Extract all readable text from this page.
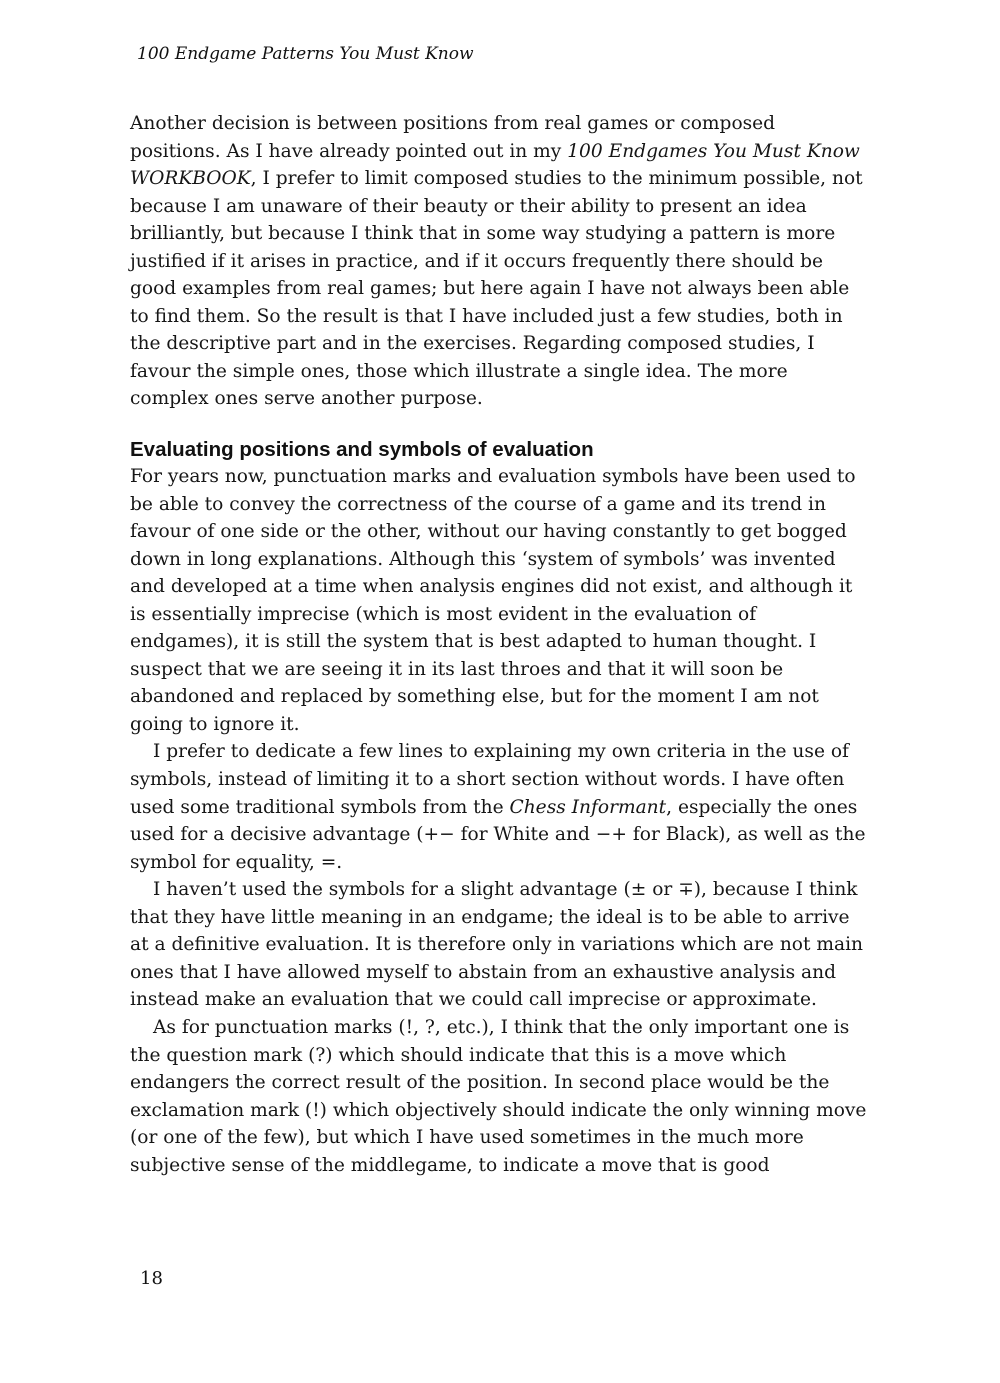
100 Endgame Patterns You Must Know

Another decision is between positions from real games or composed positions. As I have already pointed out in my 100 Endgames You Must Know WORKBOOK, I prefer to limit composed studies to the minimum possible, not because I am unaware of their beauty or their ability to present an idea brilliantly, but because I think that in some way studying a pattern is more justified if it arises in practice, and if it occurs frequently there should be good examples from real games; but here again I have not always been able to find them. So the result is that I have included just a few studies, both in the descriptive part and in the exercises. Regarding composed studies, I favour the simple ones, those which illustrate a single idea. The more complex ones serve another purpose.

Evaluating positions and symbols of evaluation

For years now, punctuation marks and evaluation symbols have been used to be able to convey the correctness of the course of a game and its trend in favour of one side or the other, without our having constantly to get bogged down in long explanations. Although this ‘system of symbols’ was invented and developed at a time when analysis engines did not exist, and although it is essentially imprecise (which is most evident in the evaluation of endgames), it is still the system that is best adapted to human thought. I suspect that we are seeing it in its last throes and that it will soon be abandoned and replaced by something else, but for the moment I am not going to ignore it.

I prefer to dedicate a few lines to explaining my own criteria in the use of symbols, instead of limiting it to a short section without words. I have often used some traditional symbols from the Chess Informant, especially the ones used for a decisive advantage (+− for White and −+ for Black), as well as the symbol for equality, =.

I haven’t used the symbols for a slight advantage (± or ∓), because I think that they have little meaning in an endgame; the ideal is to be able to arrive at a definitive evaluation. It is therefore only in variations which are not main ones that I have allowed myself to abstain from an exhaustive analysis and instead make an evaluation that we could call imprecise or approximate.

As for punctuation marks (!, ?, etc.), I think that the only important one is the question mark (?) which should indicate that this is a move which endangers the correct result of the position. In second place would be the exclamation mark (!) which objectively should indicate the only winning move (or one of the few), but which I have used sometimes in the much more subjective sense of the middlegame, to indicate a move that is good

18
